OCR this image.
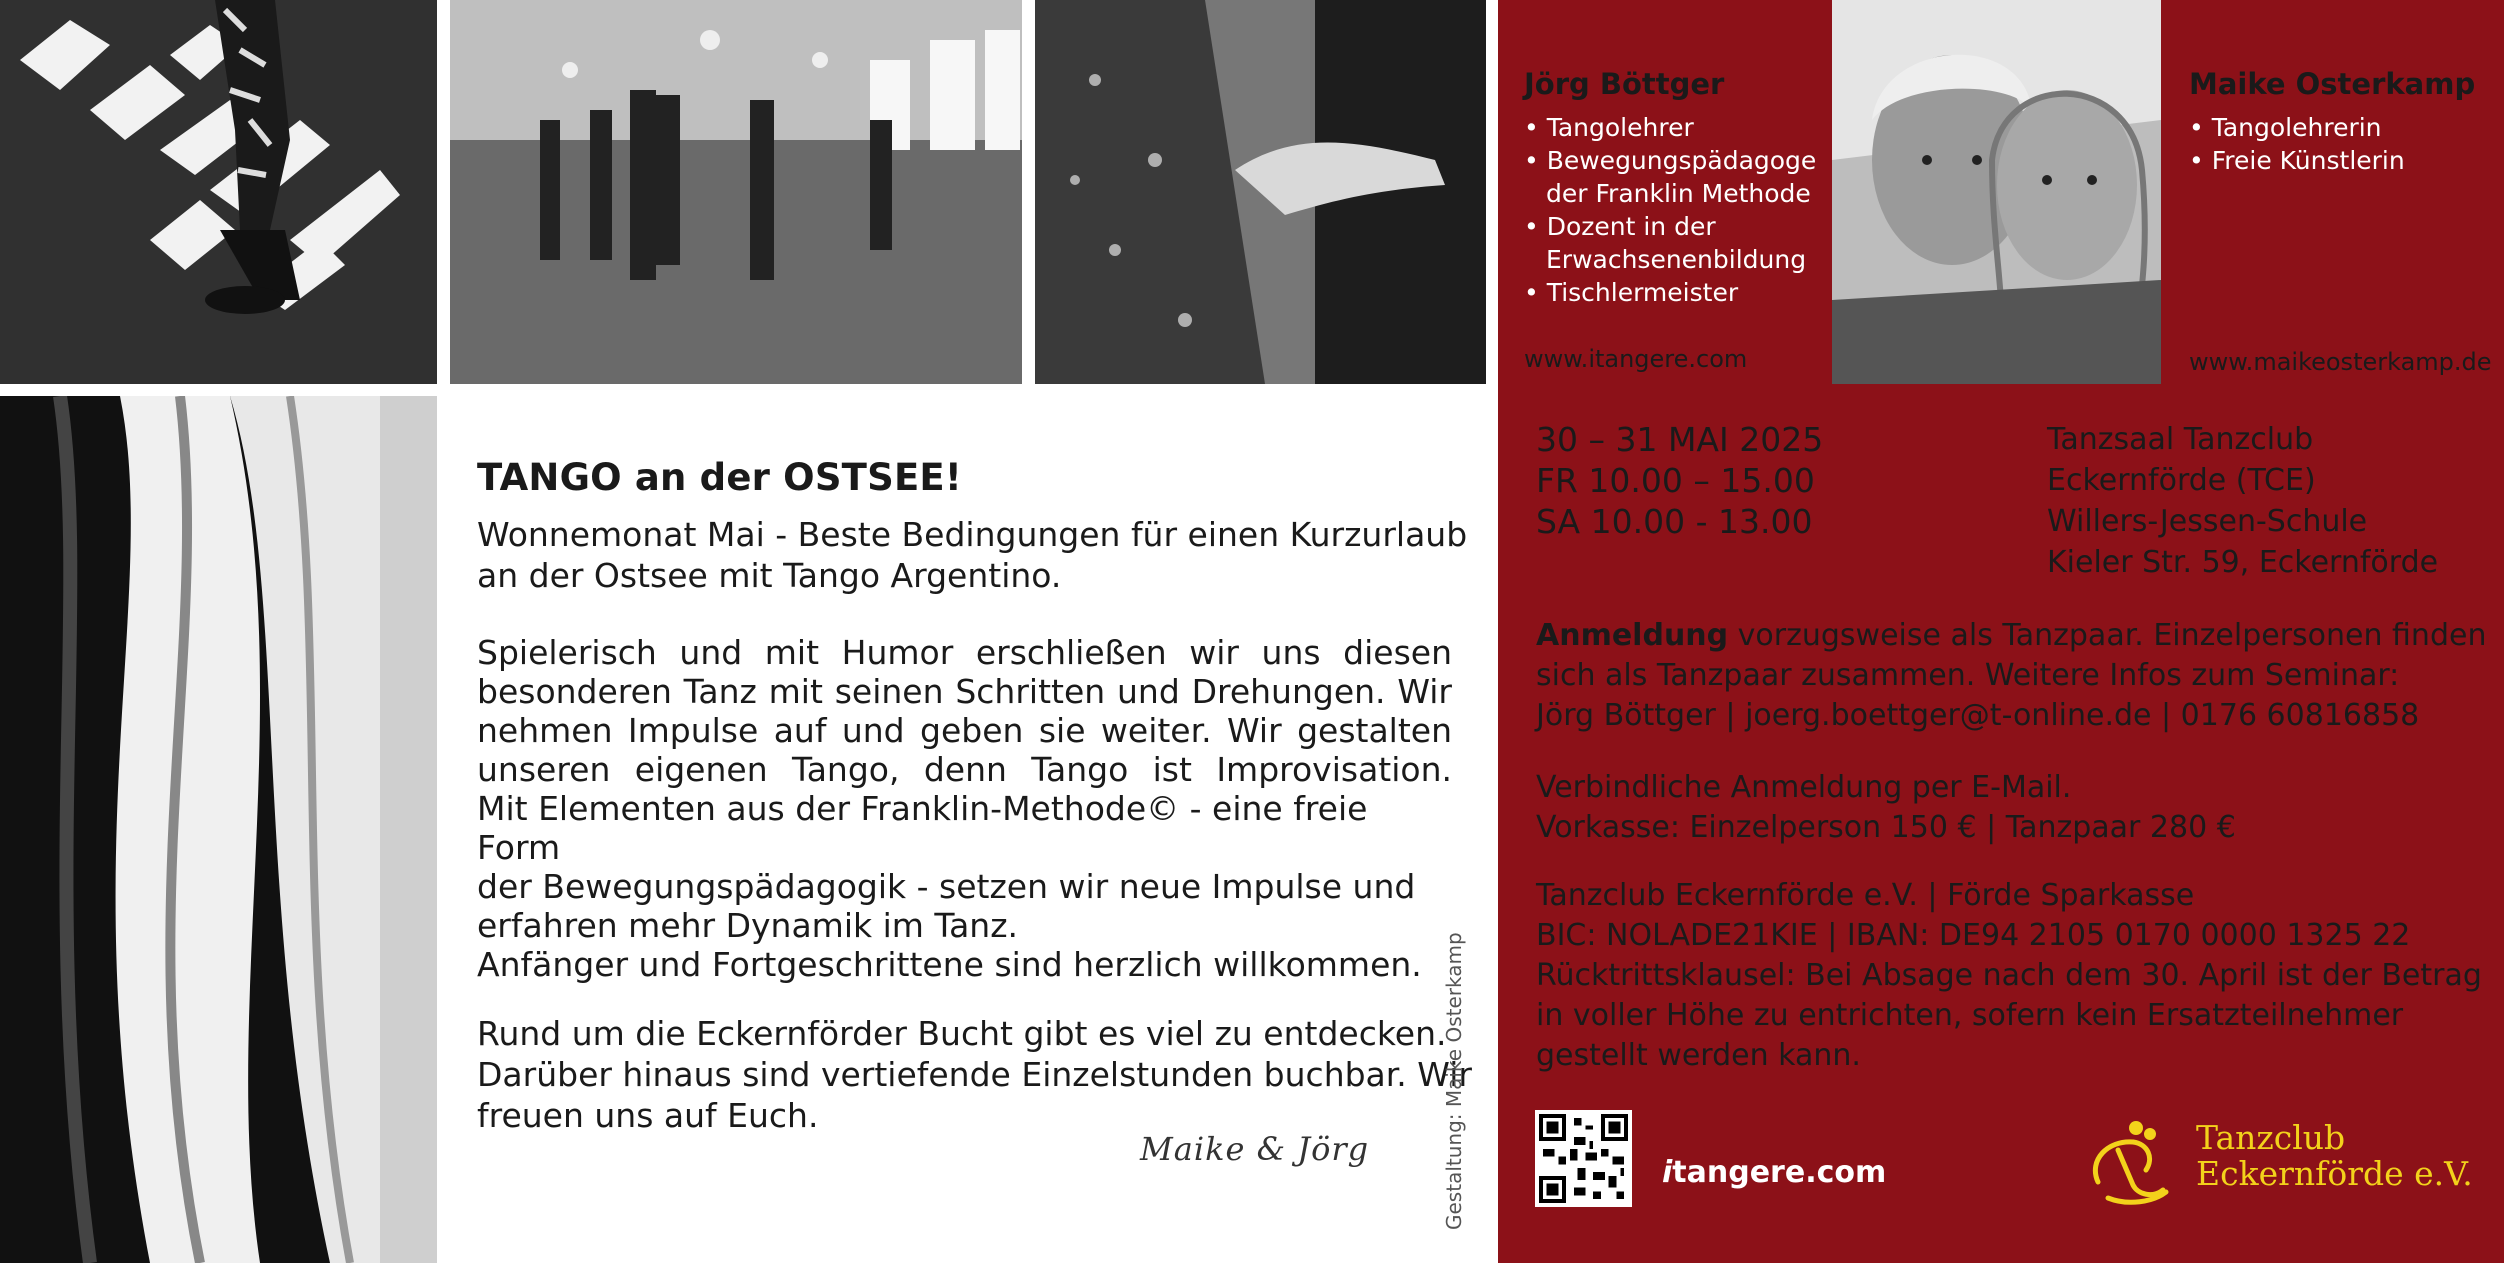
TANGO an der OSTSEE!
Wonnemonat Mai - Beste Bedingungen für einen Kurzurlaub
an der Ostsee mit Tango Argentino.

Spielerisch und mit Humor erschließen wir uns diesen

besonderen Tanz mit seinen Schritten und Drehungen. Wir

nehmen Impulse auf und geben sie weiter. Wir gestalten

unseren eigenen Tango, denn Tango ist Improvisation.

Mit Elementen aus der Franklin-Methode© - eine freie Form

der Bewegungspädagogik - setzen wir neue Impulse und

erfahren mehr Dynamik im Tanz.

Anfänger und Fortgeschrittene sind herzlich willkommen.

Rund um die Eckernförder Bucht gibt es viel zu entdecken.
Darüber hinaus sind vertiefende Einzelstunden buchbar. Wir
freuen uns auf Euch.
Maike & Jörg	Gestaltung: Maike Osterkamp
Jörg Böttger
• Tangolehrer
• Bewegungspädagoge der Franklin Methode
• Dozent in der Erwachsenenbildung
• Tischlermeister
www.itangere.com
Maike Osterkamp
• Tangolehrerin
• Freie Künstlerin
www.maikeosterkamp.de
30 – 31 MAI 2025
FR 10.00 – 15.00
SA 10.00 - 13.00
Tanzsaal Tanzclub
Eckernförde (TCE)
Willers-Jessen-Schule
Kieler Str. 59, Eckernförde
Anmeldung vorzugsweise als Tanzpaar. Einzelpersonen finden
sich als Tanzpaar zusammen. Weitere Infos zum Seminar:
Jörg Böttger | joerg.boettger@t-online.de | 0176 60816858
Verbindliche Anmeldung per E-Mail.
Vorkasse: Einzelperson 150 € | Tanzpaar 280 €
Tanzclub Eckernförde e.V. | Förde Sparkasse
BIC: NOLADE21KIE | IBAN: DE94 2105 0170 0000 1325 22
Rücktrittsklausel: Bei Absage nach dem 30. April ist der Betrag
in voller Höhe zu entrichten, sofern kein Ersatzteilnehmer
gestellt werden kann.
itangere.com
Tanzclub
Eckernförde e.V.
